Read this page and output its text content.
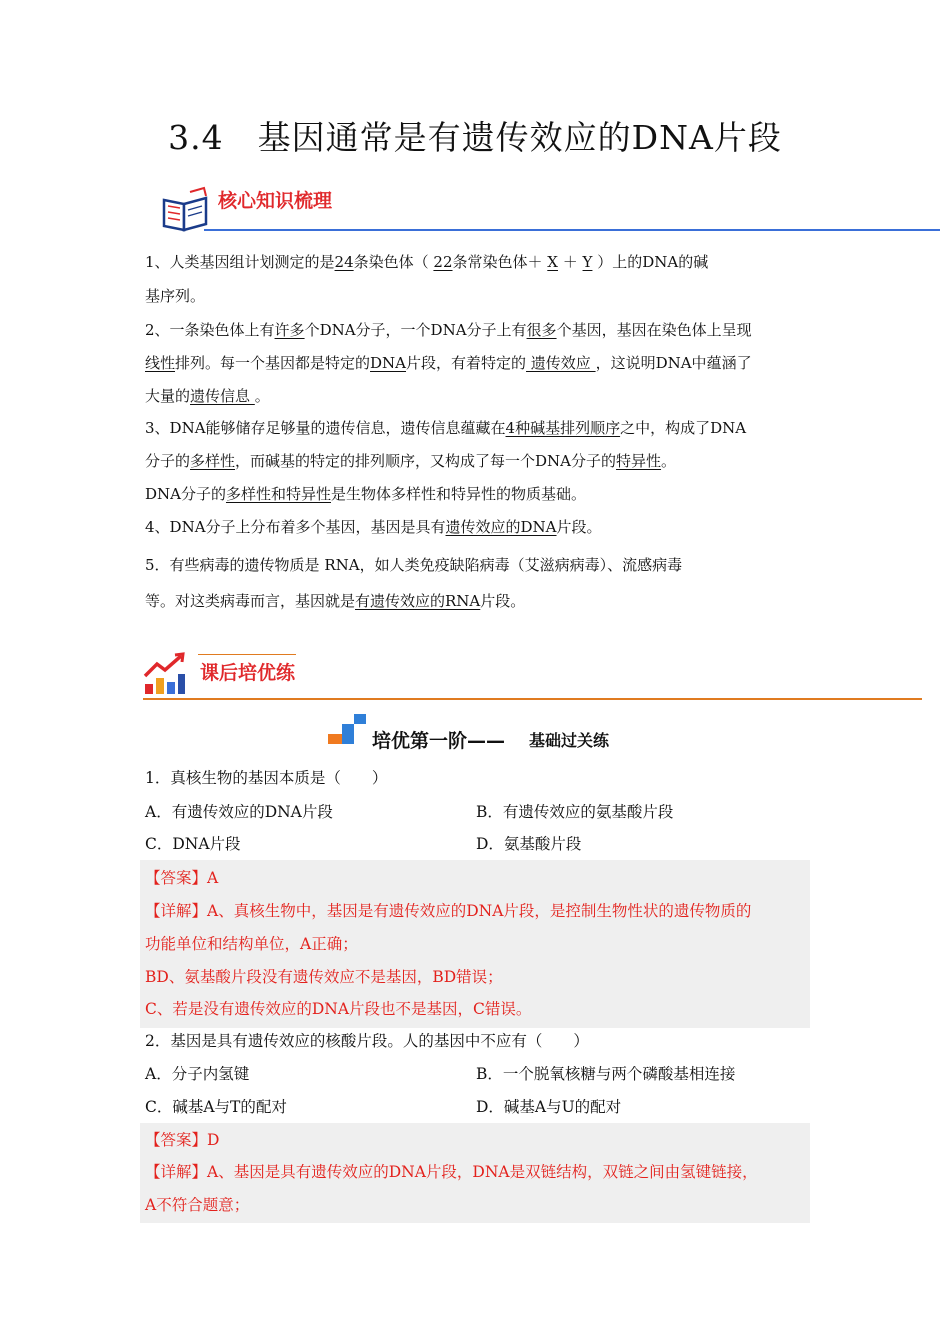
3.4　基因通常是有遗传效应的DNA片段
核心知识梳理
1、人类基因组计划测定的是24条染色体（ 22条常染色体＋ X ＋ Y ）上的DNA的碱
基序列。
2、一条染色体上有许多个DNA分子，一个DNA分子上有很多个基因，基因在染色体上呈现
线性排列。每一个基因都是特定的DNA片段，有着特定的 遗传效应 ，这说明DNA中蕴涵了
大量的遗传信息 。
3、DNA能够储存足够量的遗传信息，遗传信息蕴藏在4种碱基排列顺序之中，构成了DNA
分子的多样性，而碱基的特定的排列顺序，又构成了每一个DNA分子的特异性。
DNA分子的多样性和特异性是生物体多样性和特异性的物质基础。
4、DNA分子上分布着多个基因，基因是具有遗传效应的DNA片段。
5．有些病毒的遗传物质是 RNA，如人类免疫缺陷病毒（艾滋病病毒）、流感病毒
等。对这类病毒而言，基因就是有遗传效应的RNA片段。
课后培优练
培优第一阶—— 基础过关练
1．真核生物的基因本质是（　　）
A．有遗传效应的DNA片段	B．有遗传效应的氨基酸片段
C．DNA片段	D．氨基酸片段
【答案】A
【详解】A、真核生物中，基因是有遗传效应的DNA片段，是控制生物性状的遗传物质的
功能单位和结构单位，A正确；
BD、氨基酸片段没有遗传效应不是基因，BD错误；
C、若是没有遗传效应的DNA片段也不是基因，C错误。
2．基因是具有遗传效应的核酸片段。人的基因中不应有（　　）
A．分子内氢键	B．一个脱氧核糖与两个磷酸基相连接
C．碱基A与T的配对	D．碱基A与U的配对
【答案】D
【详解】A、基因是具有遗传效应的DNA片段，DNA是双链结构，双链之间由氢键链接，
A不符合题意；
